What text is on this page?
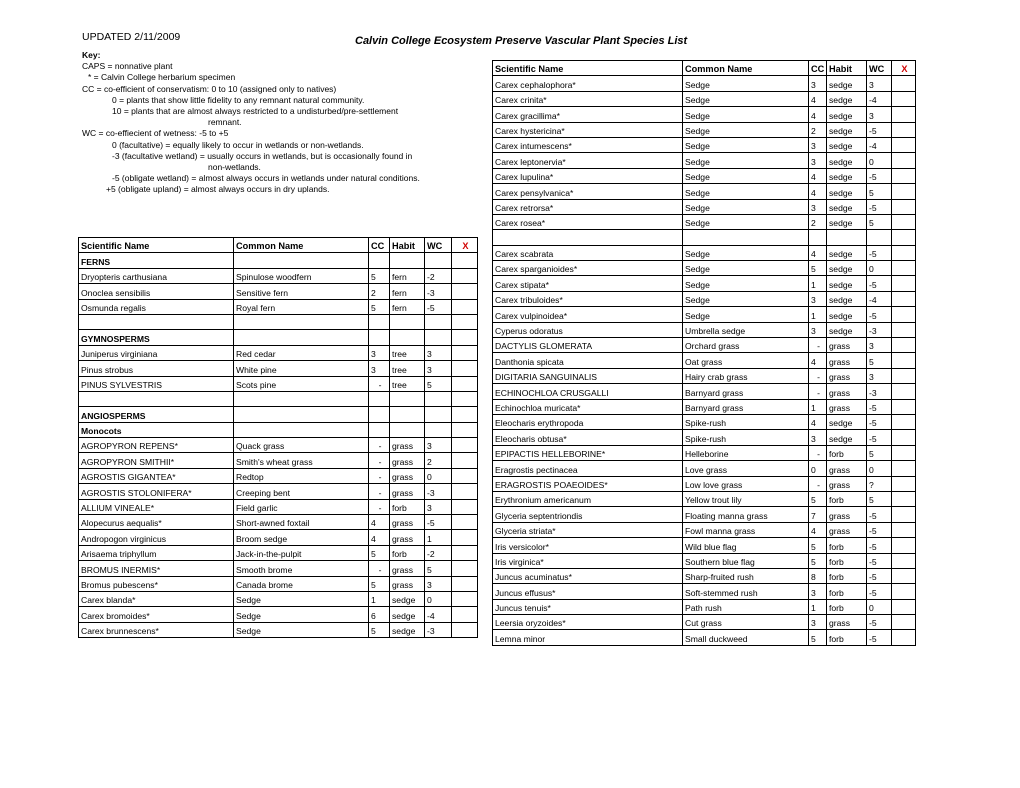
UPDATED 2/11/2009	Calvin College Ecosystem Preserve Vascular Plant Species List
Key:
CAPS = nonnative plant
* = Calvin College herbarium specimen
CC = co-efficient of conservatism: 0 to 10 (assigned only to natives)
0 = plants that show little fidelity to any remnant natural community.
10 = plants that are almost always restricted to a undisturbed/pre-settlement
remnant.
WC = co-effiecient of wetness: -5 to +5
0 (facultative) = equally likely to occur in wetlands or non-wetlands.
-3 (facultative wetland) = usually occurs in wetlands, but is occasionally found in
non-wetlands.
-5 (obligate wetland) = almost always occurs in wetlands under natural conditions.
+5 (obligate upland) = almost always occurs in dry uplands.
Scientific Name	Common Name	CC	Habit	WC	X
Carex cephalophora*	Sedge	3	sedge	3	
Carex crinita*	Sedge	4	sedge	-4	
Carex gracillima*	Sedge	4	sedge	3	
Carex hystericina*	Sedge	2	sedge	-5	
Carex intumescens*	Sedge	3	sedge	-4	
Carex leptonervia*	Sedge	3	sedge	0	
Carex lupulina*	Sedge	4	sedge	-5	
Carex pensylvanica*	Sedge	4	sedge	5	
Carex retrorsa*	Sedge	3	sedge	-5	
Carex rosea*	Sedge	2	sedge	5	

Carex scabrata	Sedge	4	sedge	-5	
Carex sparganioides*	Sedge	5	sedge	0	
Carex stipata*	Sedge	1	sedge	-5	
Carex tribuloides*	Sedge	3	sedge	-4	
Carex vulpinoidea*	Sedge	1	sedge	-5	
Cyperus odoratus	Umbrella sedge	3	sedge	-3	
DACTYLIS GLOMERATA	Orchard grass	-	grass	3	
Danthonia spicata	Oat grass	4	grass	5	
DIGITARIA SANGUINALIS	Hairy crab grass	-	grass	3	
ECHINOCHLOA CRUSGALLI	Barnyard grass	-	grass	-3	
Echinochloa muricata*	Barnyard grass	1	grass	-5	
Eleocharis erythropoda	Spike-rush	4	sedge	-5	
Eleocharis obtusa*	Spike-rush	3	sedge	-5	
EPIPACTIS HELLEBORINE*	Helleborine	-	forb	5	
Eragrostis pectinacea	Love grass	0	grass	0	
ERAGROSTIS POAEOIDES*	Low love grass	-	grass	?	
Erythronium americanum	Yellow trout lily	5	forb	5	
Glyceria septentriondis	Floating manna grass	7	grass	-5	
Glyceria striata*	Fowl manna grass	4	grass	-5	
Iris versicolor*	Wild blue flag	5	forb	-5	
Iris virginica*	Southern blue flag	5	forb	-5	
Juncus acuminatus*	Sharp-fruited rush	8	forb	-5	
Juncus effusus*	Soft-stemmed rush	3	forb	-5	
Juncus tenuis*	Path rush	1	forb	0	
Leersia oryzoides*	Cut grass	3	grass	-5	
Lemna minor	Small duckweed	5	forb	-5	
Scientific Name	Common Name	CC	Habit	WC	X
FERNS					
Dryopteris carthusiana	Spinulose woodfern	5	fern	-2	
Onoclea sensibilis	Sensitive fern	2	fern	-3	
Osmunda regalis	Royal fern	5	fern	-5	

GYMNOSPERMS					
Juniperus virginiana	Red cedar	3	tree	3	
Pinus strobus	White pine	3	tree	3	
PINUS SYLVESTRIS	Scots pine	-	tree	5	

ANGIOSPERMS					
Monocots					
AGROPYRON REPENS*	Quack grass	-	grass	3	
AGROPYRON SMITHII*	Smith's wheat grass	-	grass	2	
AGROSTIS GIGANTEA*	Redtop	-	grass	0	
AGROSTIS STOLONIFERA*	Creeping bent	-	grass	-3	
ALLIUM VINEALE*	Field garlic	-	forb	3	
Alopecurus aequalis*	Short-awned foxtail	4	grass	-5	
Andropogon virginicus	Broom sedge	4	grass	1	
Arisaema triphyllum	Jack-in-the-pulpit	5	forb	-2	
BROMUS INERMIS*	Smooth brome	-	grass	5	
Bromus pubescens*	Canada brome	5	grass	3	
Carex blanda*	Sedge	1	sedge	0	
Carex bromoides*	Sedge	6	sedge	-4	
Carex brunnescens*	Sedge	5	sedge	-3	
